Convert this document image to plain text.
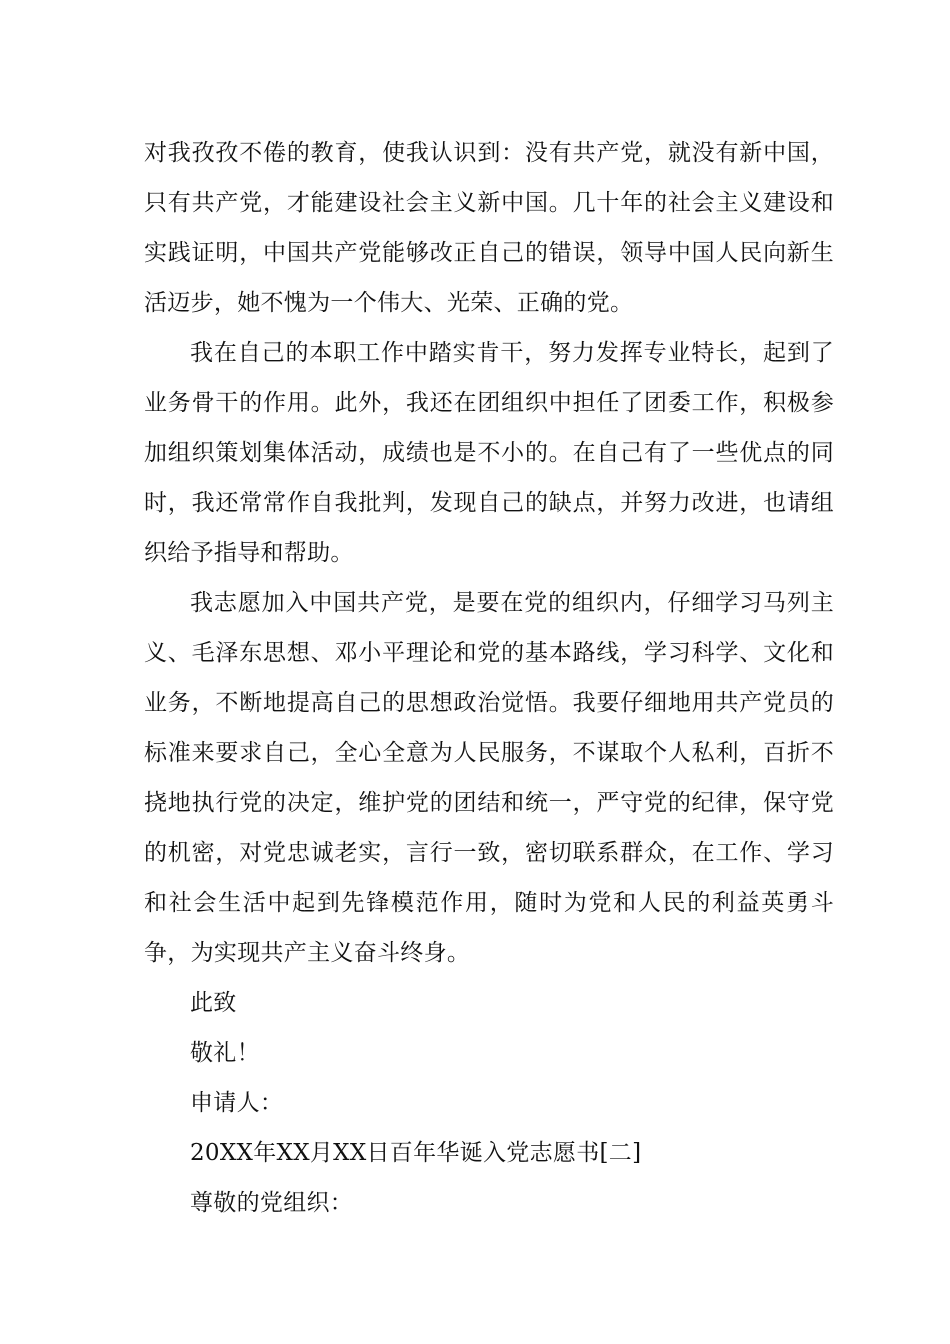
对我孜孜不倦的教育，使我认识到：没有共产党，就没有新中国，只有共产党，才能建设社会主义新中国。几十年的社会主义建设和实践证明，中国共产党能够改正自己的错误，领导中国人民向新生活迈步，她不愧为一个伟大、光荣、正确的党。

我在自己的本职工作中踏实肯干，努力发挥专业特长，起到了业务骨干的作用。此外，我还在团组织中担任了团委工作，积极参加组织策划集体活动，成绩也是不小的。在自己有了一些优点的同时，我还常常作自我批判，发现自己的缺点，并努力改进，也请组织给予指导和帮助。

我志愿加入中国共产党，是要在党的组织内，仔细学习马列主义、毛泽东思想、邓小平理论和党的基本路线，学习科学、文化和业务，不断地提高自己的思想政治觉悟。我要仔细地用共产党员的标准来要求自己，全心全意为人民服务，不谋取个人私利，百折不挠地执行党的决定，维护党的团结和统一，严守党的纪律，保守党的机密，对党忠诚老实，言行一致，密切联系群众，在工作、学习和社会生活中起到先锋模范作用，随时为党和人民的利益英勇斗争，为实现共产主义奋斗终身。

此致

敬礼！

申请人：

20XX年XX月XX日百年华诞入党志愿书[二]

尊敬的党组织：
